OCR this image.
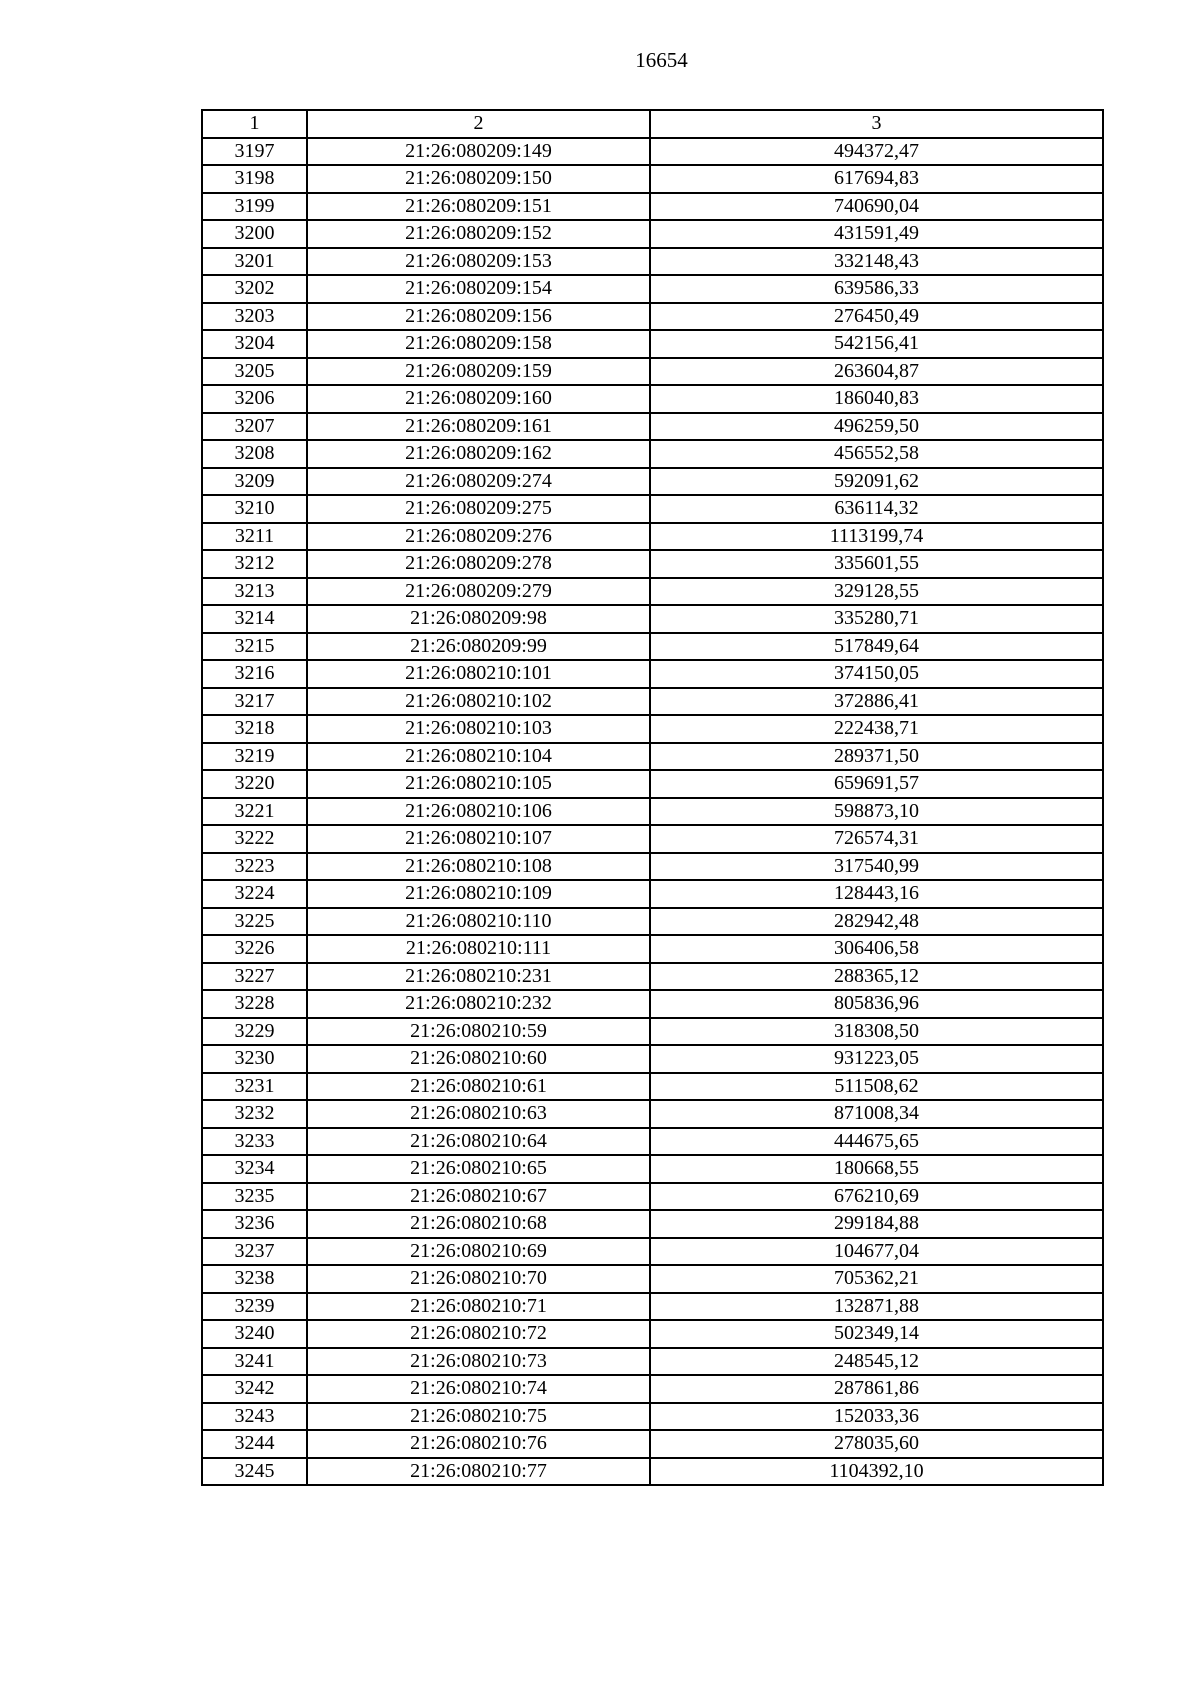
16654
1	2	3
3197	21:26:080209:149	494372,47
3198	21:26:080209:150	617694,83
3199	21:26:080209:151	740690,04
3200	21:26:080209:152	431591,49
3201	21:26:080209:153	332148,43
3202	21:26:080209:154	639586,33
3203	21:26:080209:156	276450,49
3204	21:26:080209:158	542156,41
3205	21:26:080209:159	263604,87
3206	21:26:080209:160	186040,83
3207	21:26:080209:161	496259,50
3208	21:26:080209:162	456552,58
3209	21:26:080209:274	592091,62
3210	21:26:080209:275	636114,32
3211	21:26:080209:276	1113199,74
3212	21:26:080209:278	335601,55
3213	21:26:080209:279	329128,55
3214	21:26:080209:98	335280,71
3215	21:26:080209:99	517849,64
3216	21:26:080210:101	374150,05
3217	21:26:080210:102	372886,41
3218	21:26:080210:103	222438,71
3219	21:26:080210:104	289371,50
3220	21:26:080210:105	659691,57
3221	21:26:080210:106	598873,10
3222	21:26:080210:107	726574,31
3223	21:26:080210:108	317540,99
3224	21:26:080210:109	128443,16
3225	21:26:080210:110	282942,48
3226	21:26:080210:111	306406,58
3227	21:26:080210:231	288365,12
3228	21:26:080210:232	805836,96
3229	21:26:080210:59	318308,50
3230	21:26:080210:60	931223,05
3231	21:26:080210:61	511508,62
3232	21:26:080210:63	871008,34
3233	21:26:080210:64	444675,65
3234	21:26:080210:65	180668,55
3235	21:26:080210:67	676210,69
3236	21:26:080210:68	299184,88
3237	21:26:080210:69	104677,04
3238	21:26:080210:70	705362,21
3239	21:26:080210:71	132871,88
3240	21:26:080210:72	502349,14
3241	21:26:080210:73	248545,12
3242	21:26:080210:74	287861,86
3243	21:26:080210:75	152033,36
3244	21:26:080210:76	278035,60
3245	21:26:080210:77	1104392,10
